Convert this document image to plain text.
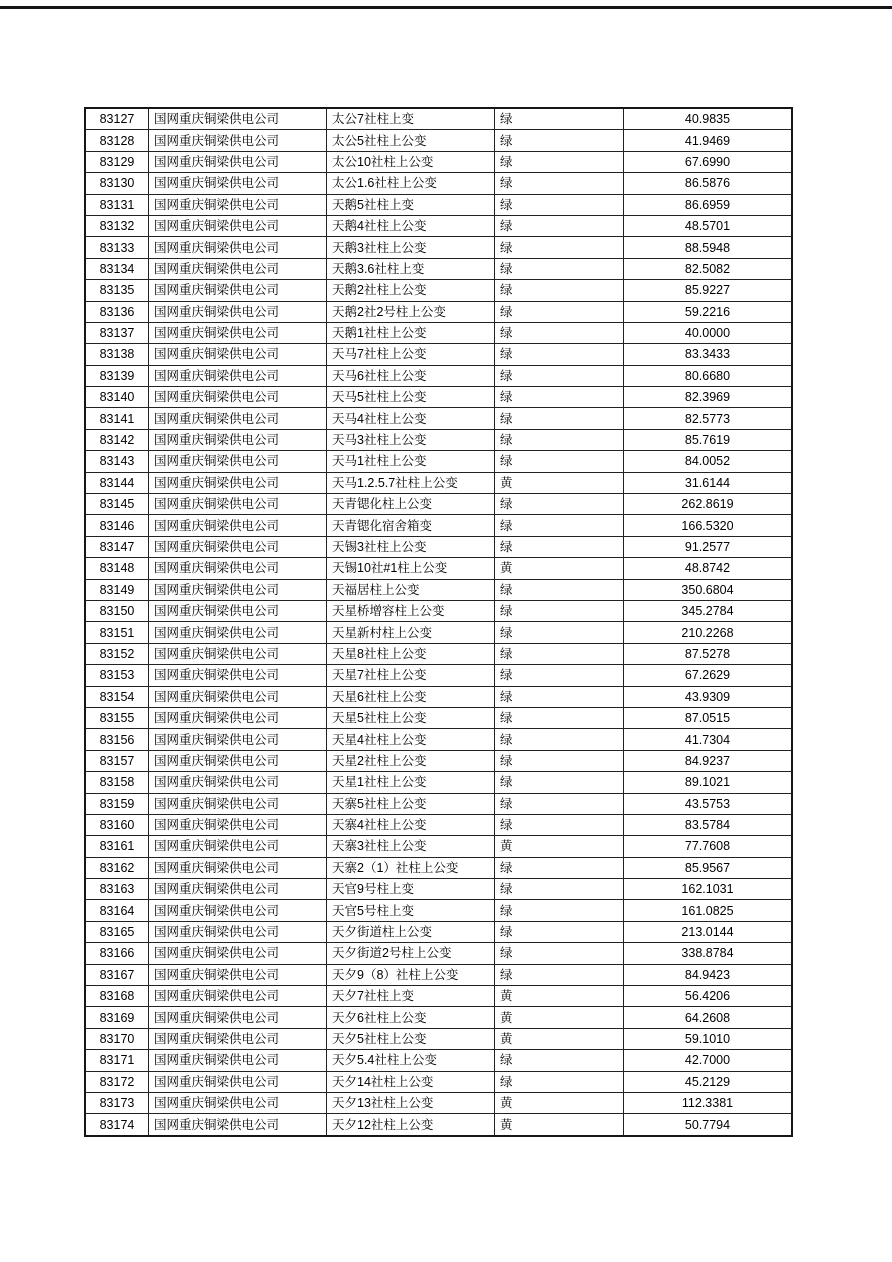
83127	国网重庆铜梁供电公司	太公7社柱上变	绿	40.9835
83128	国网重庆铜梁供电公司	太公5社柱上公变	绿	41.9469
83129	国网重庆铜梁供电公司	太公10社柱上公变	绿	67.6990
83130	国网重庆铜梁供电公司	太公1.6社柱上公变	绿	86.5876
83131	国网重庆铜梁供电公司	天鹅5社柱上变	绿	86.6959
83132	国网重庆铜梁供电公司	天鹅4社柱上公变	绿	48.5701
83133	国网重庆铜梁供电公司	天鹅3社柱上公变	绿	88.5948
83134	国网重庆铜梁供电公司	天鹅3.6社柱上变	绿	82.5082
83135	国网重庆铜梁供电公司	天鹅2社柱上公变	绿	85.9227
83136	国网重庆铜梁供电公司	天鹅2社2号柱上公变	绿	59.2216
83137	国网重庆铜梁供电公司	天鹅1社柱上公变	绿	40.0000
83138	国网重庆铜梁供电公司	天马7社柱上公变	绿	83.3433
83139	国网重庆铜梁供电公司	天马6社柱上公变	绿	80.6680
83140	国网重庆铜梁供电公司	天马5社柱上公变	绿	82.3969
83141	国网重庆铜梁供电公司	天马4社柱上公变	绿	82.5773
83142	国网重庆铜梁供电公司	天马3社柱上公变	绿	85.7619
83143	国网重庆铜梁供电公司	天马1社柱上公变	绿	84.0052
83144	国网重庆铜梁供电公司	天马1.2.5.7社柱上公变	黄	31.6144
83145	国网重庆铜梁供电公司	天青锶化柱上公变	绿	262.8619
83146	国网重庆铜梁供电公司	天青锶化宿舍箱变	绿	166.5320
83147	国网重庆铜梁供电公司	天锡3社柱上公变	绿	91.2577
83148	国网重庆铜梁供电公司	天锡10社#1柱上公变	黄	48.8742
83149	国网重庆铜梁供电公司	天福居柱上公变	绿	350.6804
83150	国网重庆铜梁供电公司	天星桥增容柱上公变	绿	345.2784
83151	国网重庆铜梁供电公司	天星新村柱上公变	绿	210.2268
83152	国网重庆铜梁供电公司	天星8社柱上公变	绿	87.5278
83153	国网重庆铜梁供电公司	天星7社柱上公变	绿	67.2629
83154	国网重庆铜梁供电公司	天星6社柱上公变	绿	43.9309
83155	国网重庆铜梁供电公司	天星5社柱上公变	绿	87.0515
83156	国网重庆铜梁供电公司	天星4社柱上公变	绿	41.7304
83157	国网重庆铜梁供电公司	天星2社柱上公变	绿	84.9237
83158	国网重庆铜梁供电公司	天星1社柱上公变	绿	89.1021
83159	国网重庆铜梁供电公司	天寨5社柱上公变	绿	43.5753
83160	国网重庆铜梁供电公司	天寨4社柱上公变	绿	83.5784
83161	国网重庆铜梁供电公司	天寨3社柱上公变	黄	77.7608
83162	国网重庆铜梁供电公司	天寨2（1）社柱上公变	绿	85.9567
83163	国网重庆铜梁供电公司	天官9号柱上变	绿	162.1031
83164	国网重庆铜梁供电公司	天官5号柱上变	绿	161.0825
83165	国网重庆铜梁供电公司	天夕街道柱上公变	绿	213.0144
83166	国网重庆铜梁供电公司	天夕街道2号柱上公变	绿	338.8784
83167	国网重庆铜梁供电公司	天夕9（8）社柱上公变	绿	84.9423
83168	国网重庆铜梁供电公司	天夕7社柱上变	黄	56.4206
83169	国网重庆铜梁供电公司	天夕6社柱上公变	黄	64.2608
83170	国网重庆铜梁供电公司	天夕5社柱上公变	黄	59.1010
83171	国网重庆铜梁供电公司	天夕5.4社柱上公变	绿	42.7000
83172	国网重庆铜梁供电公司	天夕14社柱上公变	绿	45.2129
83173	国网重庆铜梁供电公司	天夕13社柱上公变	黄	112.3381
83174	国网重庆铜梁供电公司	天夕12社柱上公变	黄	50.7794
